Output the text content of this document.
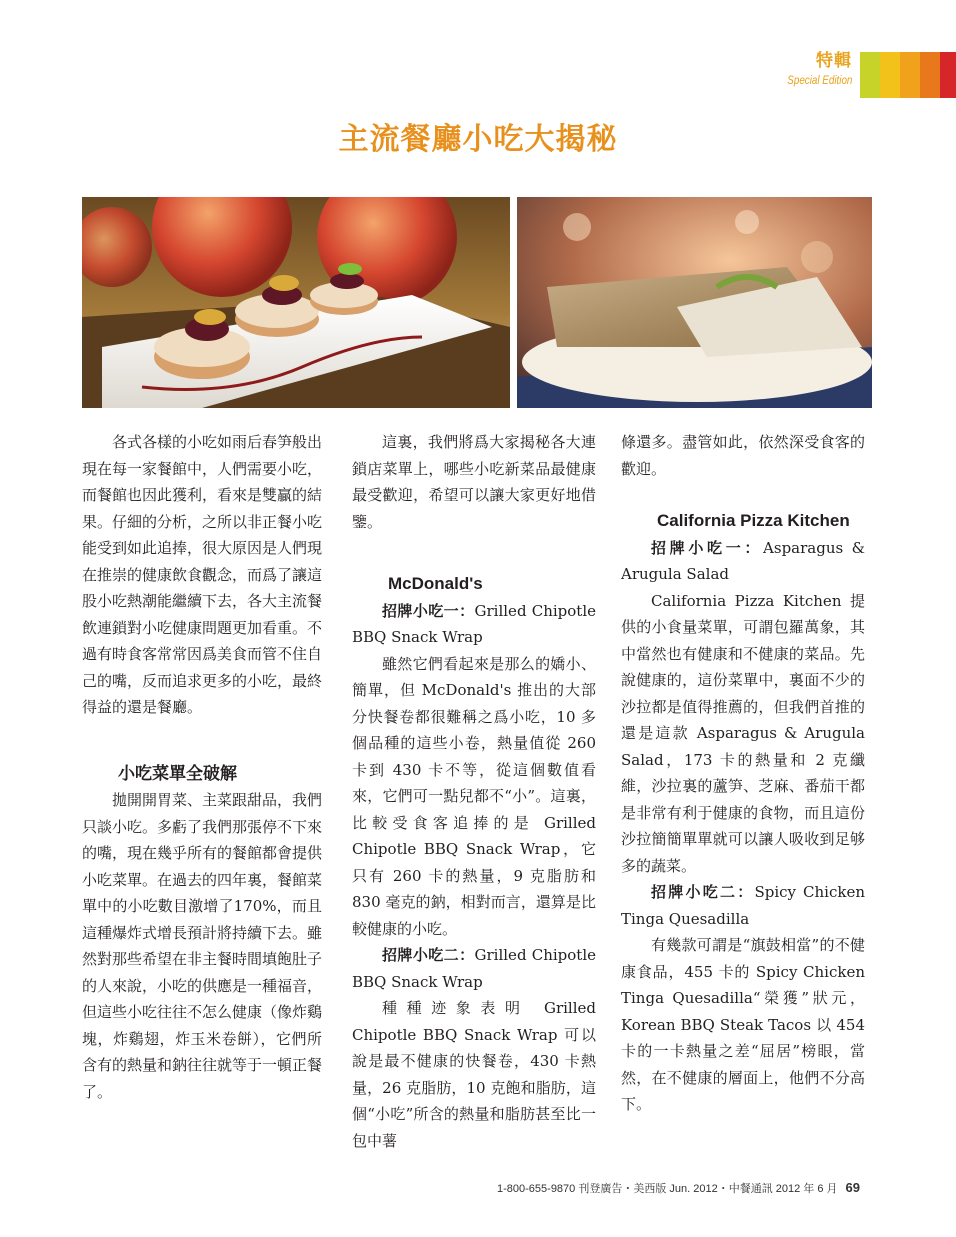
特輯
Special Edition
主流餐廳小吃大揭秘

各式各樣的小吃如雨后春笋般出現在每一家餐館中，人們需要小吃，而餐館也因此獲利，看來是雙贏的結果。仔細的分析，之所以非正餐小吃能受到如此追捧，很大原因是人們現在推崇的健康飲食觀念，而爲了讓這股小吃熱潮能繼續下去，各大主流餐飲連鎖對小吃健康問題更加看重。不過有時食客常常因爲美食而管不住自己的嘴，反而追求更多的小吃，最終得益的還是餐廳。

小吃菜單全破解

拋開開胃菜、主菜跟甜品，我們只談小吃。多虧了我們那張停不下來的嘴，現在幾乎所有的餐館都會提供小吃菜單。在過去的四年裏，餐館菜單中的小吃數目激增了170%，而且這種爆炸式增長預計將持續下去。雖然對那些希望在非主餐時間填飽肚子的人來說，小吃的供應是一種福音，但這些小吃往往不怎么健康（像炸鷄塊，炸鷄翅，炸玉米卷餅），它們所含有的熱量和鈉往往就等于一頓正餐了。

這裏，我們將爲大家揭秘各大連鎖店菜單上，哪些小吃新菜品最健康最受歡迎，希望可以讓大家更好地借鑒。

McDonald's

招牌小吃一：Grilled Chipotle BBQ Snack Wrap

雖然它們看起來是那么的嬌小、簡單，但 McDonald's 推出的大部分快餐卷都很難稱之爲小吃，10 多個品種的這些小卷，熱量值從 260 卡到 430 卡不等，從這個數值看來，它們可一點兒都不“小”。這裏，比較受食客追捧的是 Grilled Chipotle BBQ Snack Wrap，它只有 260 卡的熱量，9 克脂肪和 830 毫克的鈉，相對而言，還算是比較健康的小吃。

招牌小吃二：Grilled Chipotle BBQ Snack Wrap

種種迹象表明 Grilled Chipotle BBQ Snack Wrap 可以說是最不健康的快餐卷，430 卡熱量，26 克脂肪，10 克飽和脂肪，這個“小吃”所含的熱量和脂肪甚至比一包中薯

條還多。盡管如此，依然深受食客的歡迎。

California Pizza Kitchen

招牌小吃一：Asparagus & Arugula Salad

California Pizza Kitchen 提供的小食量菜單，可謂包羅萬象，其中當然也有健康和不健康的菜品。先說健康的，這份菜單中，裏面不少的沙拉都是值得推薦的，但我們首推的還是這款 Asparagus & Arugula Salad，173 卡的熱量和 2 克纖維，沙拉裏的蘆笋、芝麻、番茄干都是非常有利于健康的食物，而且這份沙拉簡簡單單就可以讓人吸收到足够多的蔬菜。

招牌小吃二：Spicy Chicken Tinga Quesadilla

有幾款可謂是“旗鼓相當”的不健康食品，455 卡的 Spicy Chicken Tinga Quesadilla“榮獲”狀元，Korean BBQ Steak Tacos 以 454 卡的一卡熱量之差“屈居”榜眼，當然，在不健康的層面上，他們不分高下。

1-800-655-9870 刊登廣告・美西版 Jun. 2012・中餐通訊 2012 年 6 月 69
